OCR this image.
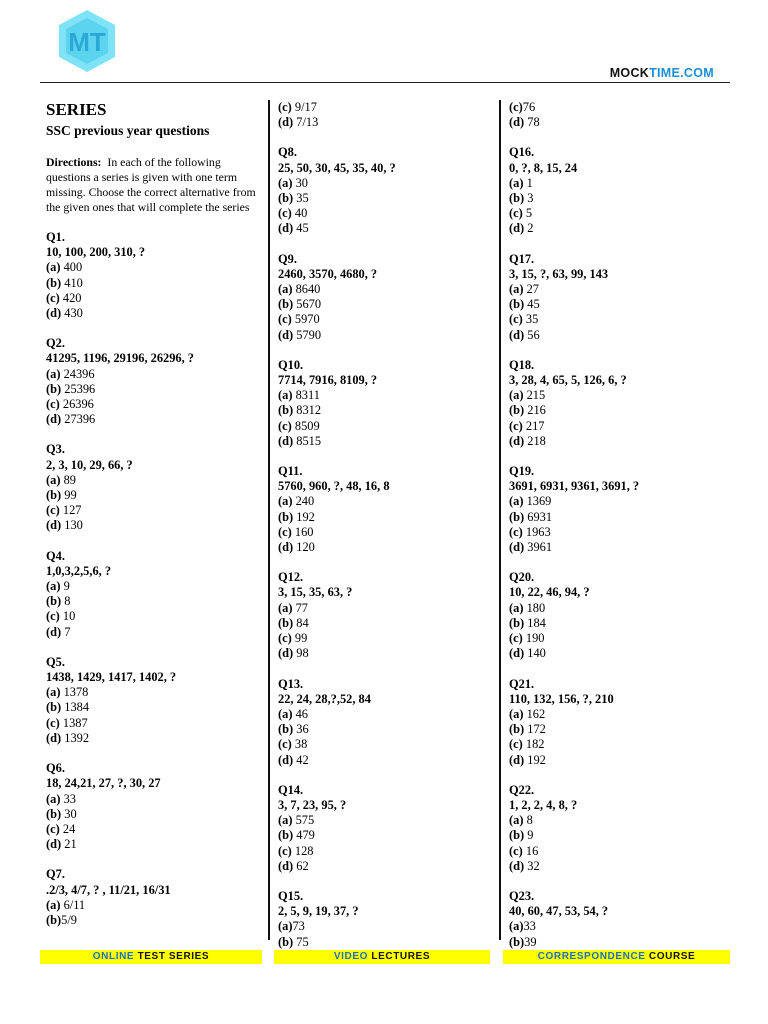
MT
MOCKTIME.COM
SERIES
SSC previous year questions
Directions: In each of the following questions a series is given with one term missing. Choose the correct alternative from the given ones that will complete the series
Q1.
10, 100, 200, 310, ?
(a) 400
(b) 410
(c) 420
(d) 430
Q2.
41295, 1196, 29196, 26296, ?
(a) 24396
(b) 25396
(c) 26396
(d) 27396
Q3.
2, 3, 10, 29, 66, ?
(a) 89
(b) 99
(c) 127
(d) 130
Q4.
1,0,3,2,5,6, ?
(a) 9
(b) 8
(c) 10
(d) 7
Q5.
1438, 1429, 1417, 1402, ?
(a) 1378
(b) 1384
(c) 1387
(d) 1392
Q6.
18, 24,21, 27, ?, 30, 27
(a) 33
(b) 30
(c) 24
(d) 21
Q7.
.2/3, 4/7, ? , 11/21, 16/31
(a) 6/11
(b)5/9
(c) 9/17
(d) 7/13
Q8.
25, 50, 30, 45, 35, 40, ?
(a) 30
(b) 35
(c) 40
(d) 45
Q9.
2460, 3570, 4680, ?
(a) 8640
(b) 5670
(c) 5970
(d) 5790
Q10.
7714, 7916, 8109, ?
(a) 8311
(b) 8312
(c) 8509
(d) 8515
Q11.
5760, 960, ?, 48, 16, 8
(a) 240
(b) 192
(c) 160
(d) 120
Q12.
3, 15, 35, 63, ?
(a) 77
(b) 84
(c) 99
(d) 98
Q13.
22, 24, 28,?,52, 84
(a) 46
(b) 36
(c) 38
(d) 42
Q14.
3, 7, 23, 95, ?
(a) 575
(b) 479
(c) 128
(d) 62
Q15.
2, 5, 9, 19, 37, ?
(a)73
(b) 75
(c)76
(d) 78
Q16.
0, ?, 8, 15, 24
(a) 1
(b) 3
(c) 5
(d) 2
Q17.
3, 15, ?, 63, 99, 143
(a) 27
(b) 45
(c) 35
(d) 56
Q18.
3, 28, 4, 65, 5, 126, 6, ?
(a) 215
(b) 216
(c) 217
(d) 218
Q19.
3691, 6931, 9361, 3691, ?
(a) 1369
(b) 6931
(c) 1963
(d) 3961
Q20.
10, 22, 46, 94, ?
(a) 180
(b) 184
(c) 190
(d) 140
Q21.
110, 132, 156, ?, 210
(a) 162
(b) 172
(c) 182
(d) 192
Q22.
1, 2, 2, 4, 8, ?
(a) 8
(b) 9
(c) 16
(d) 32
Q23.
40, 60, 47, 53, 54, ?
(a)33
(b)39
ONLINE TEST SERIES	VIDEO LECTURES	CORRESPONDENCE COURSE
